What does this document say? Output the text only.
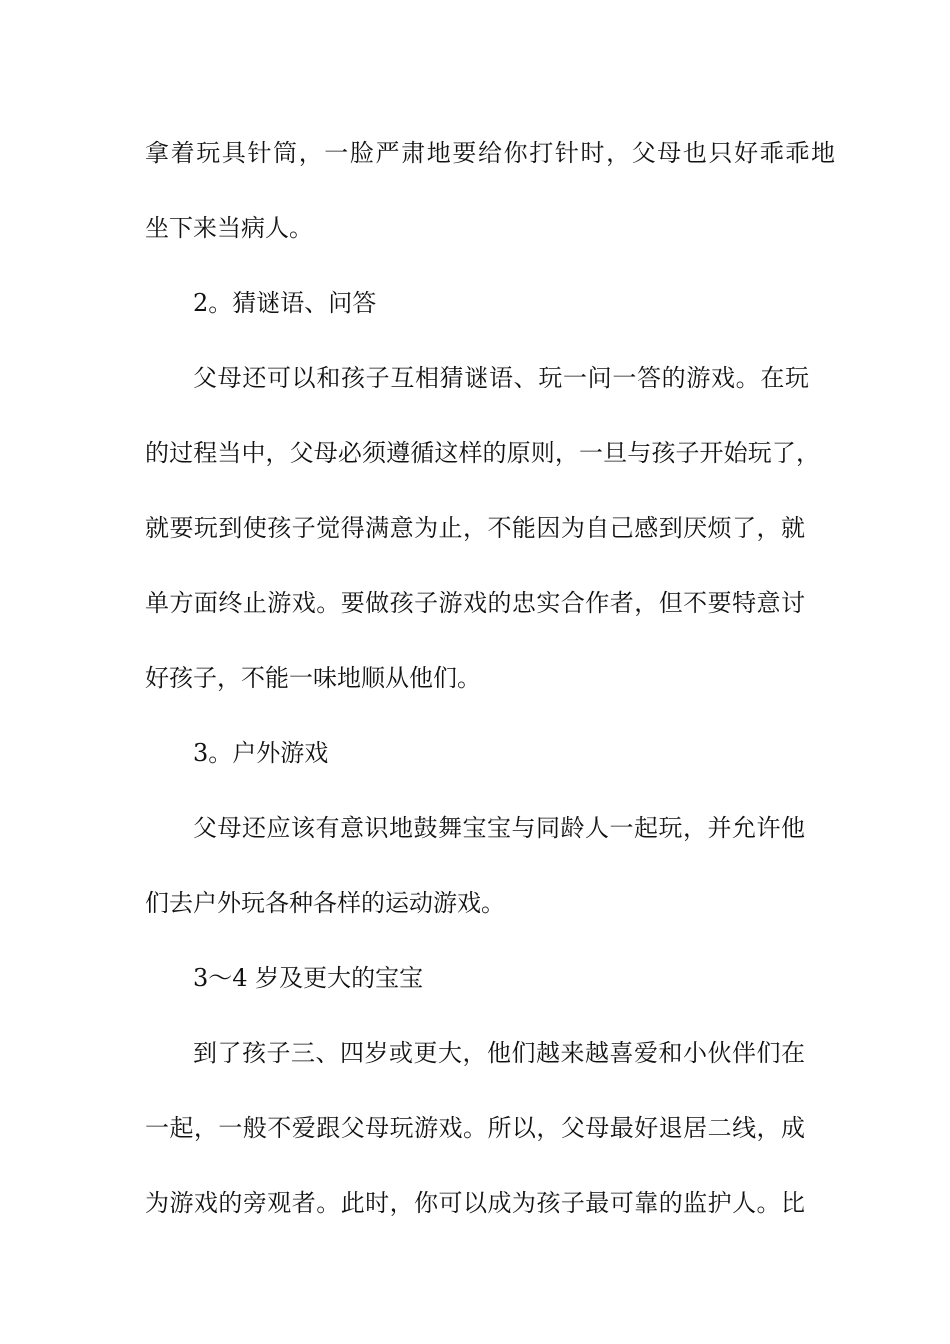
拿着玩具针筒，一脸严肃地要给你打针时，父母也只好乖乖地
坐下来当病人。
2。猜谜语、问答
父母还可以和孩子互相猜谜语、玩一问一答的游戏。在玩
的过程当中，父母必须遵循这样的原则，一旦与孩子开始玩了，
就要玩到使孩子觉得满意为止，不能因为自己感到厌烦了，就
单方面终止游戏。要做孩子游戏的忠实合作者，但不要特意讨
好孩子，不能一味地顺从他们。
3。户外游戏
父母还应该有意识地鼓舞宝宝与同龄人一起玩，并允许他
们去户外玩各种各样的运动游戏。
3～4 岁及更大的宝宝
到了孩子三、四岁或更大，他们越来越喜爱和小伙伴们在
一起，一般不爱跟父母玩游戏。所以，父母最好退居二线，成
为游戏的旁观者。此时，你可以成为孩子最可靠的监护人。比
